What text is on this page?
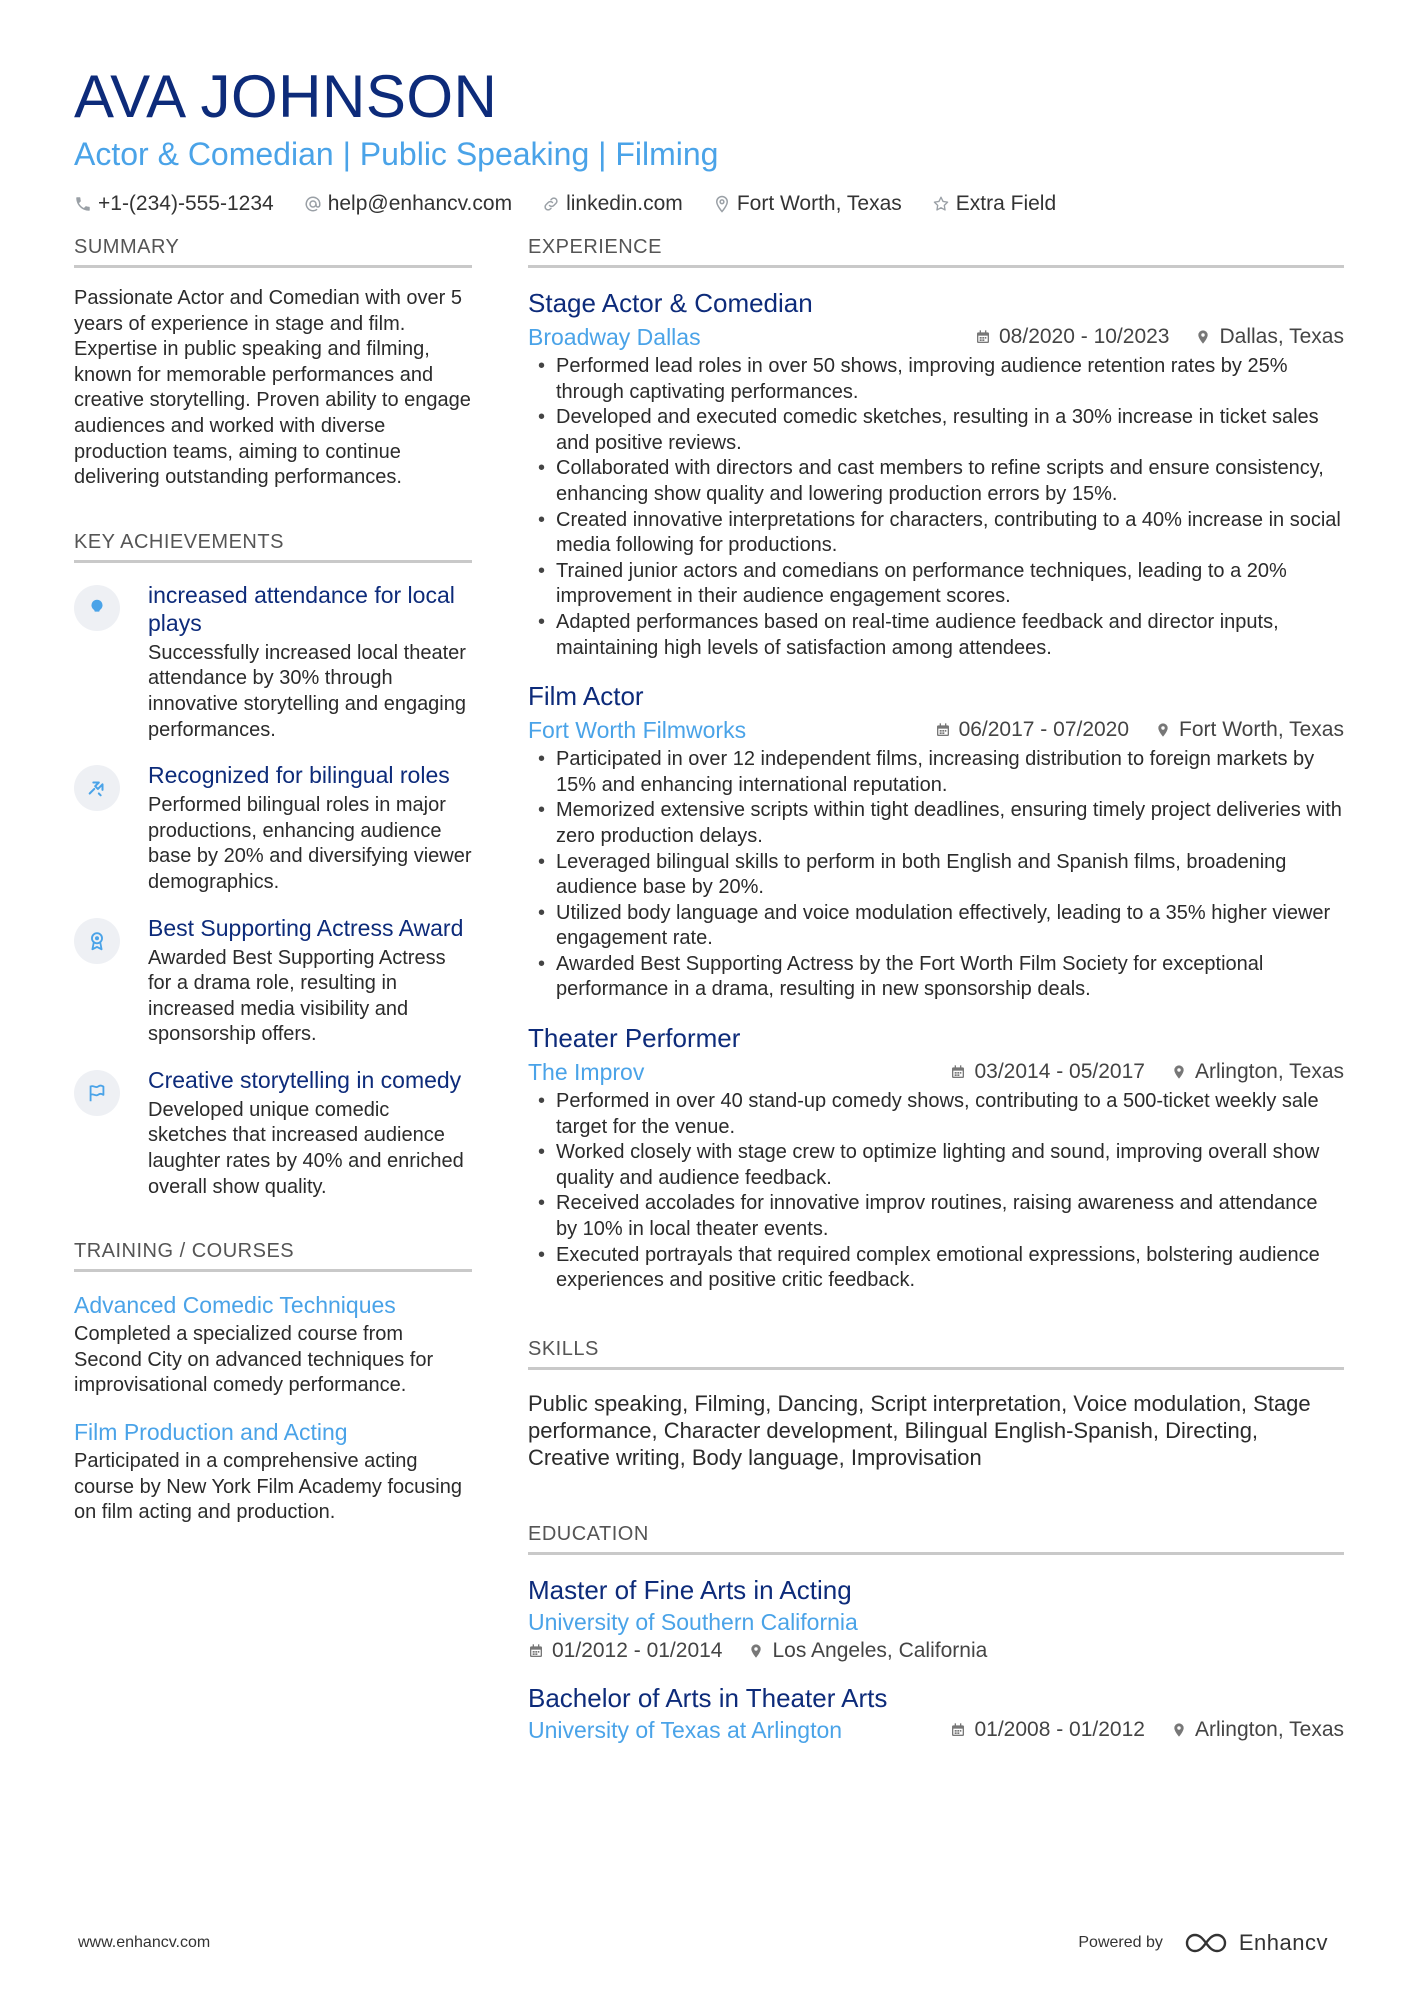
AVA JOHNSON
Actor & Comedian | Public Speaking | Filming
+1-(234)-555-1234	help@enhancv.com	linkedin.com	Fort Worth, Texas	Extra Field
SUMMARY
Passionate Actor and Comedian with over 5 years of experience in stage and film. Expertise in public speaking and filming, known for memorable performances and creative storytelling. Proven ability to engage audiences and worked with diverse production teams, aiming to continue delivering outstanding performances.
KEY ACHIEVEMENTS
increased attendance for local plays
Successfully increased local theater attendance by 30% through innovative storytelling and engaging performances.
Recognized for bilingual roles
Performed bilingual roles in major productions, enhancing audience base by 20% and diversifying viewer demographics.
Best Supporting Actress Award
Awarded Best Supporting Actress for a drama role, resulting in increased media visibility and sponsorship offers.
Creative storytelling in comedy
Developed unique comedic sketches that increased audience laughter rates by 40% and enriched overall show quality.
TRAINING / COURSES
Advanced Comedic Techniques
Completed a specialized course from Second City on advanced techniques for improvisational comedy performance.
Film Production and Acting
Participated in a comprehensive acting course by New York Film Academy focusing on film acting and production.
EXPERIENCE
Stage Actor & Comedian
Broadway Dallas	08/2020 - 10/2023 Dallas, Texas
• Performed lead roles in over 50 shows, improving audience retention rates by 25% through captivating performances.
• Developed and executed comedic sketches, resulting in a 30% increase in ticket sales and positive reviews.
• Collaborated with directors and cast members to refine scripts and ensure consistency, enhancing show quality and lowering production errors by 15%.
• Created innovative interpretations for characters, contributing to a 40% increase in social media following for productions.
• Trained junior actors and comedians on performance techniques, leading to a 20% improvement in their audience engagement scores.
• Adapted performances based on real-time audience feedback and director inputs, maintaining high levels of satisfaction among attendees.
Film Actor
Fort Worth Filmworks	06/2017 - 07/2020 Fort Worth, Texas
• Participated in over 12 independent films, increasing distribution to foreign markets by 15% and enhancing international reputation.
• Memorized extensive scripts within tight deadlines, ensuring timely project deliveries with zero production delays.
• Leveraged bilingual skills to perform in both English and Spanish films, broadening audience base by 20%.
• Utilized body language and voice modulation effectively, leading to a 35% higher viewer engagement rate.
• Awarded Best Supporting Actress by the Fort Worth Film Society for exceptional performance in a drama, resulting in new sponsorship deals.
Theater Performer
The Improv	03/2014 - 05/2017 Arlington, Texas
• Performed in over 40 stand-up comedy shows, contributing to a 500-ticket weekly sale target for the venue.
• Worked closely with stage crew to optimize lighting and sound, improving overall show quality and audience feedback.
• Received accolades for innovative improv routines, raising awareness and attendance by 10% in local theater events.
• Executed portrayals that required complex emotional expressions, bolstering audience experiences and positive critic feedback.
SKILLS
Public speaking, Filming, Dancing, Script interpretation, Voice modulation, Stage performance, Character development, Bilingual English-Spanish, Directing, Creative writing, Body language, Improvisation
EDUCATION
Master of Fine Arts in Acting
University of Southern California
01/2012 - 01/2014 Los Angeles, California
Bachelor of Arts in Theater Arts
University of Texas at Arlington	01/2008 - 01/2012 Arlington, Texas
www.enhancv.com	Powered by	Enhancv
